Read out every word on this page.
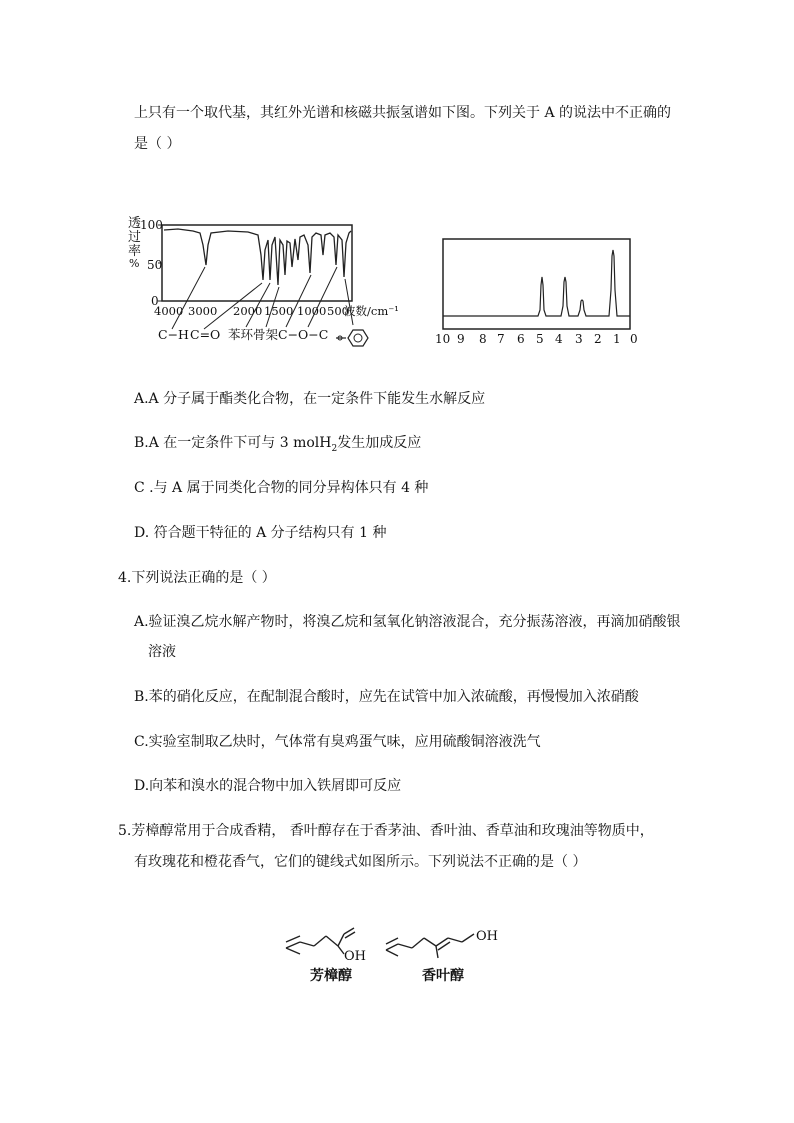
上只有一个取代基，其红外光谱和核磁共振氢谱如下图。下列关于 A 的说法中不正确的
是（ ）
透
过
率
%
100
50
0
4000 3000 2000 1500 1000 500
波数/cm⁻¹
C−H C=O 苯环骨架 C−O−C	10 9 8 7 6 5 4 3 2 1 0
A.A 分子属于酯类化合物，在一定条件下能发生水解反应
B.A 在一定条件下可与 3 molH$_2$发生加成反应
C .与 A 属于同类化合物的同分异构体只有 4 种
D. 符合题干特征的 A 分子结构只有 1 种
4.下列说法正确的是（ ）
A.验证溴乙烷水解产物时，将溴乙烷和氢氧化钠溶液混合，充分振荡溶液，再滴加硝酸银
溶液
B.苯的硝化反应，在配制混合酸时，应先在试管中加入浓硫酸，再慢慢加入浓硝酸
C.实验室制取乙炔时，气体常有臭鸡蛋气味，应用硫酸铜溶液洗气
D.向苯和溴水的混合物中加入铁屑即可反应
5.芳樟醇常用于合成香精， 香叶醇存在于香茅油、香叶油、香草油和玫瑰油等物质中，
有玫瑰花和橙花香气，它们的键线式如图所示。下列说法不正确的是（ ）
OH
芳樟醇
OH
香叶醇
